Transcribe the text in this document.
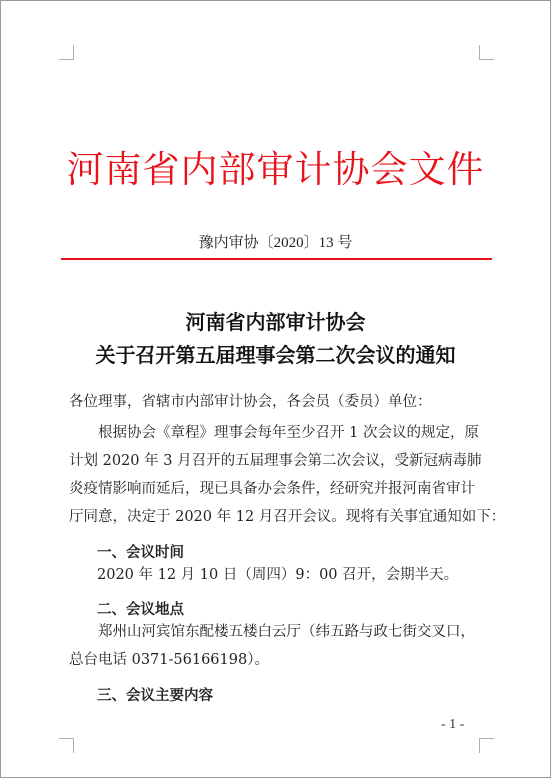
河南省内部审计协会文件
豫内审协〔2020〕13 号
河南省内部审计协会
关于召开第五届理事会第二次会议的通知
各位理事，省辖市内部审计协会，各会员（委员）单位：
　　根据协会《章程》理事会每年至少召开 1 次会议的规定，原
计划 2020 年 3 月召开的五届理事会第二次会议，受新冠病毒肺
炎疫情影响而延后，现已具备办会条件，经研究并报河南省审计
厅同意，决定于 2020 年 12 月召开会议。现将有关事宜通知如下：
一、会议时间
2020 年 12 月 10 日（周四）9：00 召开，会期半天。
二、会议地点
　　郑州山河宾馆东配楼五楼白云厅（纬五路与政七街交叉口，
总台电话 0371-56166198）。
三、会议主要内容
- 1 -
